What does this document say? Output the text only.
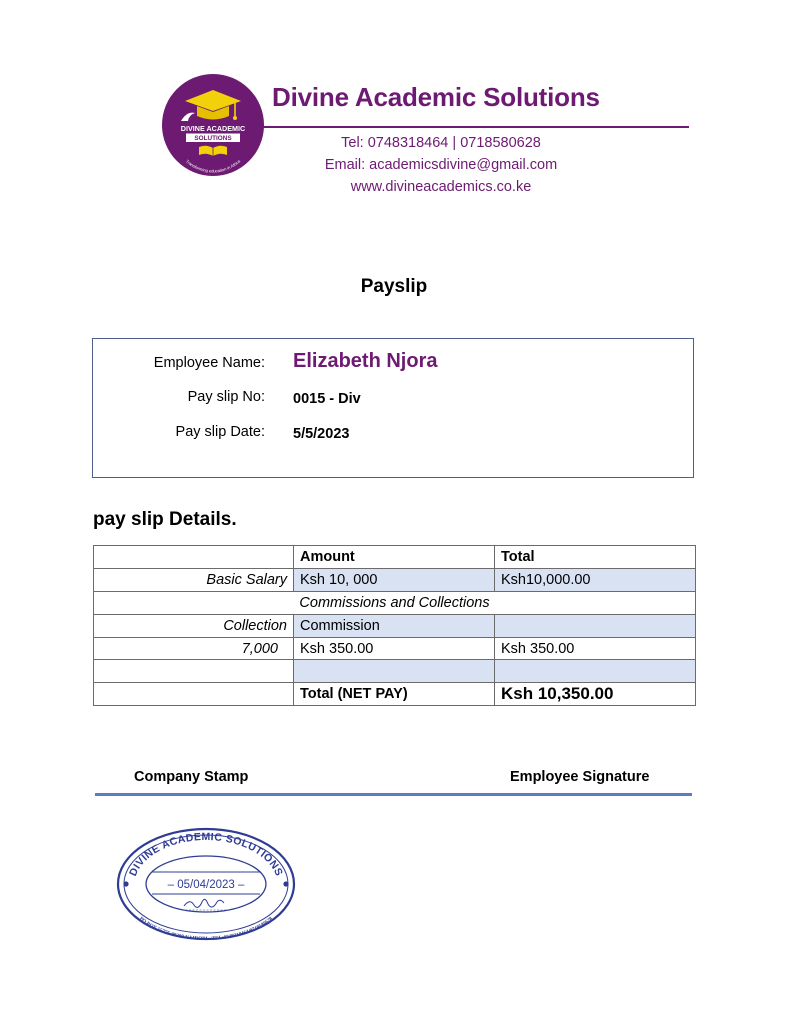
DIVINE ACADEMIC
SOLUTIONS
Transforming education in Africa
Divine Academic Solutions
Tel: 0748318464 | 0718580628
Email: academicsdivine@gmail.com
www.divineacademics.co.ke
Payslip
Employee Name: Elizabeth Njora
Pay slip No: 0015 - Div
Pay slip Date: 5/5/2023
pay slip Details.
	Amount	Total
Basic Salary	Ksh 10, 000	Ksh10,000.00
Commissions and Collections		
Collection	Commission	
7,000	Ksh 350.00	Ksh 350.00

	Total (NET PAY)	Ksh 10,350.00
Company Stamp	Employee Signature
DIVINE ACADEMIC SOLUTIONS
– 05/04/2023 –
PO BOX 55776-00200 NAIROBI - TEL:0748318464/0718580628
